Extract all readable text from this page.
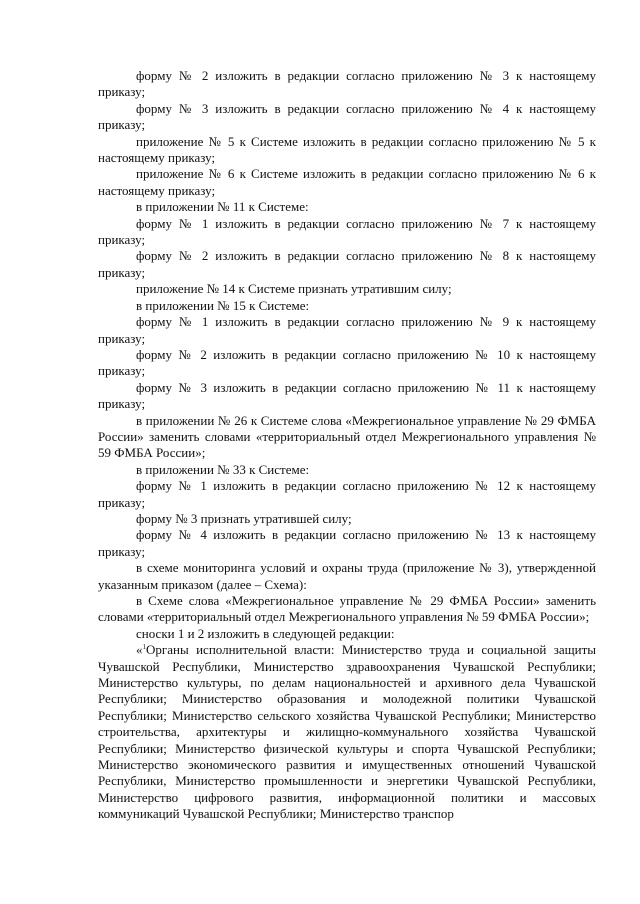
форму № 2 изложить в редакции согласно приложению № 3 к настоящему приказу;

форму № 3 изложить в редакции согласно приложению № 4 к настоящему приказу;

приложение № 5 к Системе изложить в редакции согласно приложению № 5 к настоящему приказу;

приложение № 6 к Системе изложить в редакции согласно приложению № 6 к настоящему приказу;

в приложении № 11 к Системе:

форму № 1 изложить в редакции согласно приложению № 7 к настоящему приказу;

форму № 2 изложить в редакции согласно приложению № 8 к настоящему приказу;

приложение № 14 к Системе признать утратившим силу;

в приложении № 15 к Системе:

форму № 1 изложить в редакции согласно приложению № 9 к настоящему приказу;

форму № 2 изложить в редакции согласно приложению № 10 к настоящему приказу;

форму № 3 изложить в редакции согласно приложению № 11 к настоящему приказу;

в приложении № 26 к Системе слова «Межрегиональное управление № 29 ФМБА России» заменить словами «территориальный отдел Межрегионального управления № 59 ФМБА России»;

в приложении № 33 к Системе:

форму № 1 изложить в редакции согласно приложению № 12 к настоящему приказу;

форму № 3 признать утратившей силу;

форму № 4 изложить в редакции согласно приложению № 13 к настоящему приказу;

в схеме мониторинга условий и охраны труда (приложение № 3), утвержденной указанным приказом (далее – Схема):

в Схеме слова «Межрегиональное управление № 29 ФМБА России» заменить словами «территориальный отдел Межрегионального управления № 59 ФМБА России»;

сноски 1 и 2 изложить в следующей редакции:

«$^1$Органы исполнительной власти: Министерство труда и социальной защиты Чувашской Республики, Министерство здравоохранения Чувашской Республики; Министерство культуры, по делам национальностей и архивного дела Чувашской Республики; Министерство образования и молодежной политики Чувашской Республики; Министерство сельского хозяйства Чувашской Республики; Министерство строительства, архитектуры и жилищно-коммунального хозяйства Чувашской Республики; Министерство физической культуры и спорта Чувашской Республики; Министерство экономического развития и имущественных отношений Чувашской Республики, Министерство промышленности и энергетики Чувашской Республики, Министерство цифрового развития, информационной политики и массовых коммуникаций Чувашской Республики; Министерство транспор
